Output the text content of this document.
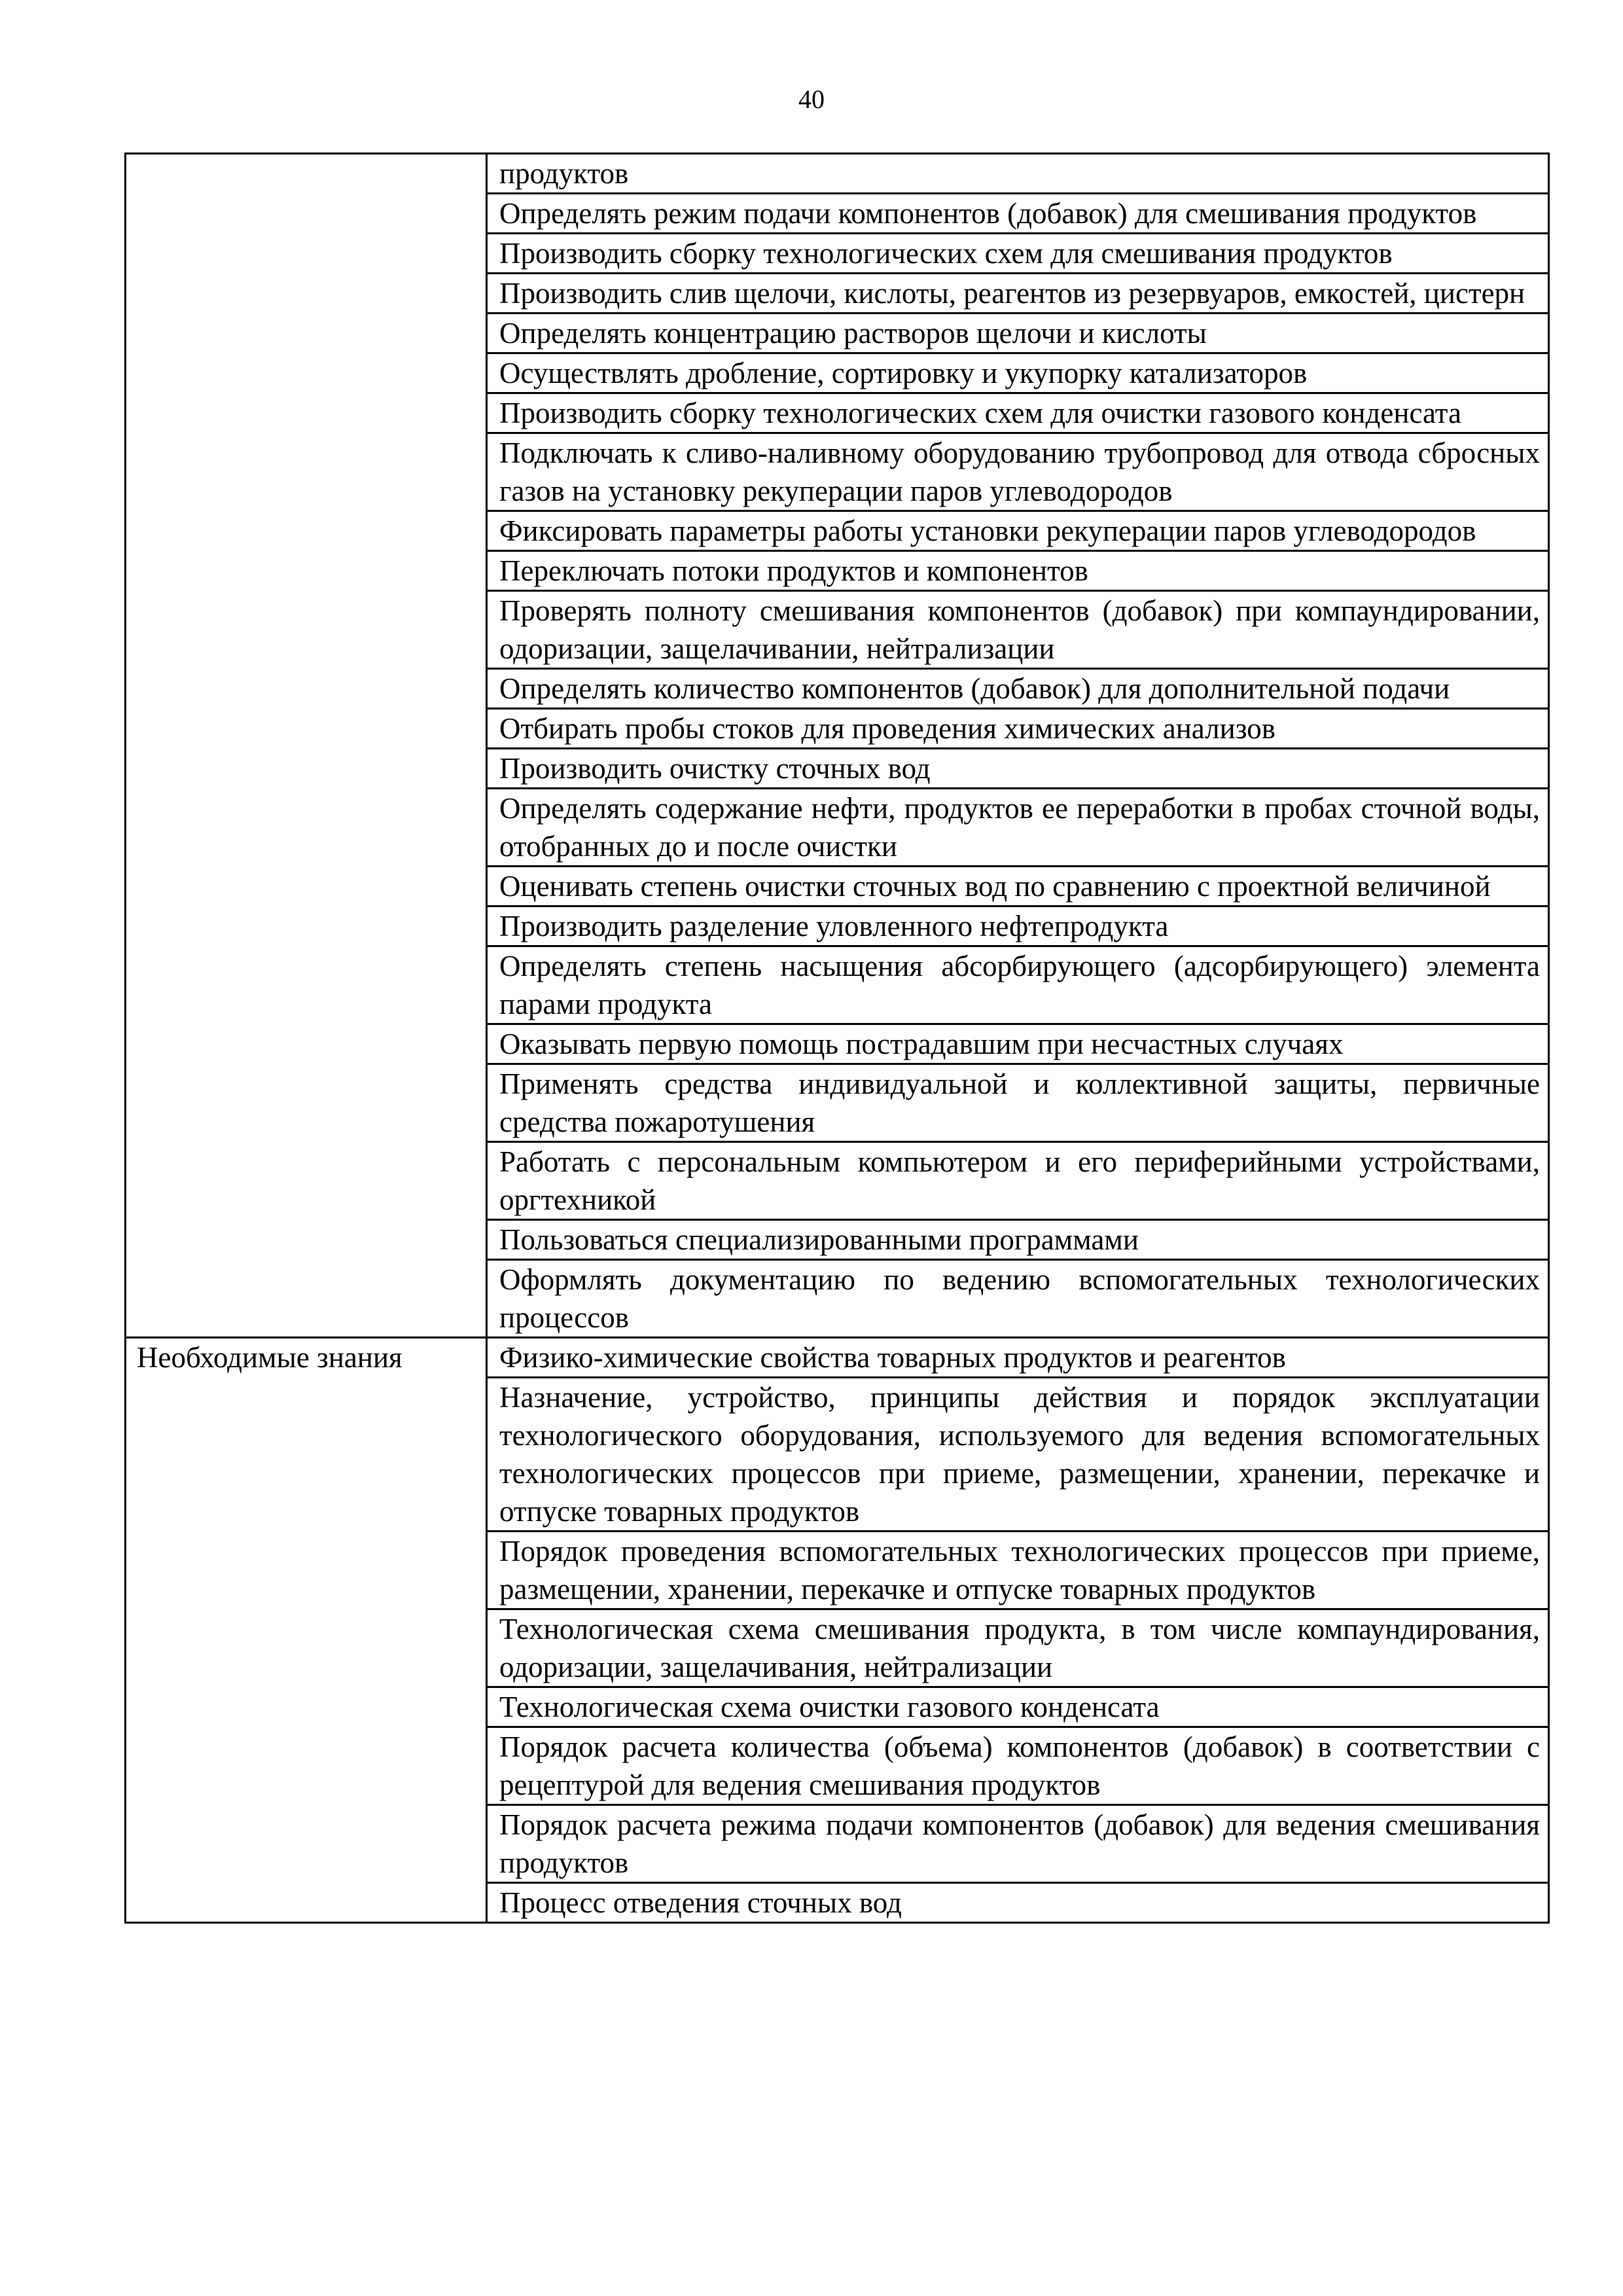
40
	продуктов
	Определять режим подачи компонентов (добавок) для смешивания продуктов
	Производить сборку технологических схем для смешивания продуктов
	Производить слив щелочи, кислоты, реагентов из резервуаров, емкостей, цистерн
	Определять концентрацию растворов щелочи и кислоты
	Осуществлять дробление, сортировку и укупорку катализаторов
	Производить сборку технологических схем для очистки газового конденсата
	Подключать к сливо-наливному оборудованию трубопровод для отвода сбросных газов на установку рекуперации паров углеводородов
	Фиксировать параметры работы установки рекуперации паров углеводородов
	Переключать потоки продуктов и компонентов
	Проверять полноту смешивания компонентов (добавок) при компаундировании, одоризации, защелачивании, нейтрализации
	Определять количество компонентов (добавок) для дополнительной подачи
	Отбирать пробы стоков для проведения химических анализов
	Производить очистку сточных вод
	Определять содержание нефти, продуктов ее переработки в пробах сточной воды, отобранных до и после очистки
	Оценивать степень очистки сточных вод по сравнению с проектной величиной
	Производить разделение уловленного нефтепродукта
	Определять степень насыщения абсорбирующего (адсорбирующего) элемента парами продукта
	Оказывать первую помощь пострадавшим при несчастных случаях
	Применять средства индивидуальной и коллективной защиты, первичные средства пожаротушения
	Работать с персональным компьютером и его периферийными устройствами, оргтехникой
	Пользоваться специализированными программами
	Оформлять документацию по ведению вспомогательных технологических процессов
Необходимые знания	Физико-химические свойства товарных продуктов и реагентов
	Назначение, устройство, принципы действия и порядок эксплуатации технологического оборудования, используемого для ведения вспомогательных технологических процессов при приеме, размещении, хранении, перекачке и отпуске товарных продуктов
	Порядок проведения вспомогательных технологических процессов при приеме, размещении, хранении, перекачке и отпуске товарных продуктов
	Технологическая схема смешивания продукта, в том числе компаундирования, одоризации, защелачивания, нейтрализации
	Технологическая схема очистки газового конденсата
	Порядок расчета количества (объема) компонентов (добавок) в соответствии с рецептурой для ведения смешивания продуктов
	Порядок расчета режима подачи компонентов (добавок) для ведения смешивания продуктов
	Процесс отведения сточных вод
